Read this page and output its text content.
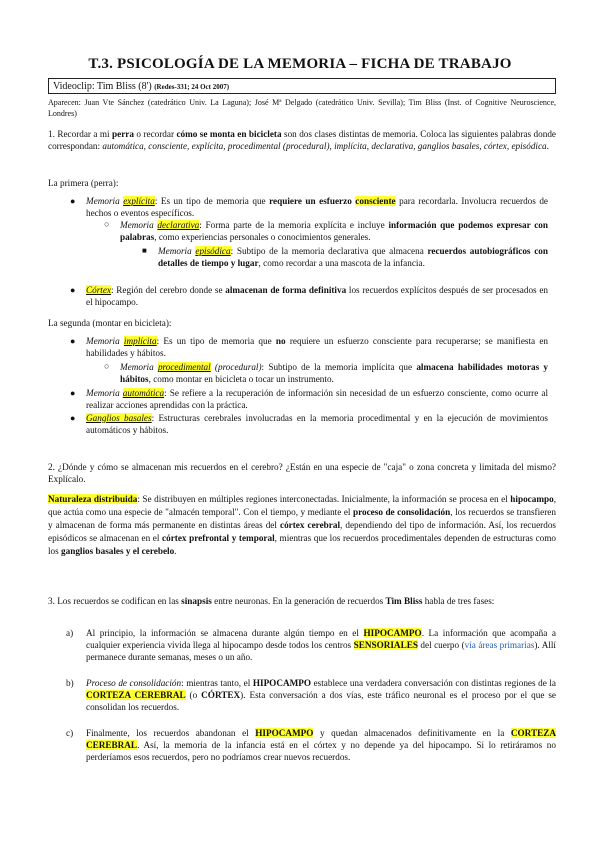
T.3. PSICOLOGÍA DE LA MEMORIA – FICHA DE TRABAJO
Videoclip: Tim Bliss (8') (Redes-331; 24 Oct 2007)
Aparecen: Juan Vte Sánchez (catedrático Univ. La Laguna); José Mª Delgado (catedrático Univ. Sevilla); Tim Bliss (Inst. of Cognitive Neuroscience, Londres)
1. Recordar a mi perra o recordar cómo se monta en bicicleta son dos clases distintas de memoria. Coloca las siguientes palabras donde correspondan: automática, consciente, explícita, procedimental (procedural), implícita, declarativa, ganglios basales, córtex, episódica.
La primera (perra):
● Memoria explícita: Es un tipo de memoria que requiere un esfuerzo consciente para recordarla. Involucra recuerdos de hechos o eventos específicos.
○ Memoria declarativa: Forma parte de la memoria explícita e incluye información que podemos expresar con palabras, como experiencias personales o conocimientos generales.
■ Memoria episódica: Subtipo de la memoria declarativa que almacena recuerdos autobiográficos con detalles de tiempo y lugar, como recordar a una mascota de la infancia.
● Córtex: Región del cerebro donde se almacenan de forma definitiva los recuerdos explícitos después de ser procesados en el hipocampo.
La segunda (montar en bicicleta):
● Memoria implícita: Es un tipo de memoria que no requiere un esfuerzo consciente para recuperarse; se manifiesta en habilidades y hábitos.
○ Memoria procedimental (procedural): Subtipo de la memoria implícita que almacena habilidades motoras y hábitos, como montar en bicicleta o tocar un instrumento.
● Memoria automática: Se refiere a la recuperación de información sin necesidad de un esfuerzo consciente, como ocurre al realizar acciones aprendidas con la práctica.
● Ganglios basales: Estructuras cerebrales involucradas en la memoria procedimental y en la ejecución de movimientos automáticos y hábitos.
2. ¿Dónde y cómo se almacenan mis recuerdos en el cerebro? ¿Están en una especie de "caja" o zona concreta y limitada del mismo? Explícalo.
Naturaleza distribuida: Se distribuyen en múltiples regiones interconectadas. Inicialmente, la información se procesa en el hipocampo, que actúa como una especie de "almacén temporal". Con el tiempo, y mediante el proceso de consolidación, los recuerdos se transfieren y almacenan de forma más permanente en distintas áreas del córtex cerebral, dependiendo del tipo de información. Así, los recuerdos episódicos se almacenan en el córtex prefrontal y temporal, mientras que los recuerdos procedimentales dependen de estructuras como los ganglios basales y el cerebelo.
3. Los recuerdos se codifican en las sinapsis entre neuronas. En la generación de recuerdos Tim Bliss habla de tres fases:
a) Al principio, la información se almacena durante algún tiempo en el HIPOCAMPO. La información que acompaña a cualquier experiencia vivida llega al hipocampo desde todos los centros SENSORIALES del cuerpo (vía áreas primarias). Allí permanece durante semanas, meses o un año.
b) Proceso de consolidación: mientras tanto, el HIPOCAMPO establece una verdadera conversación con distintas regiones de la CORTEZA CEREBRAL (o CÓRTEX). Esta conversación a dos vías, este tráfico neuronal es el proceso por el que se consolidan los recuerdos.
c) Finalmente, los recuerdos abandonan el HIPOCAMPO y quedan almacenados definitivamente en la CORTEZA CEREBRAL. Así, la memoria de la infancia está en el córtex y no depende ya del hipocampo. Si lo retiráramos no perderíamos esos recuerdos, pero no podríamos crear nuevos recuerdos.
